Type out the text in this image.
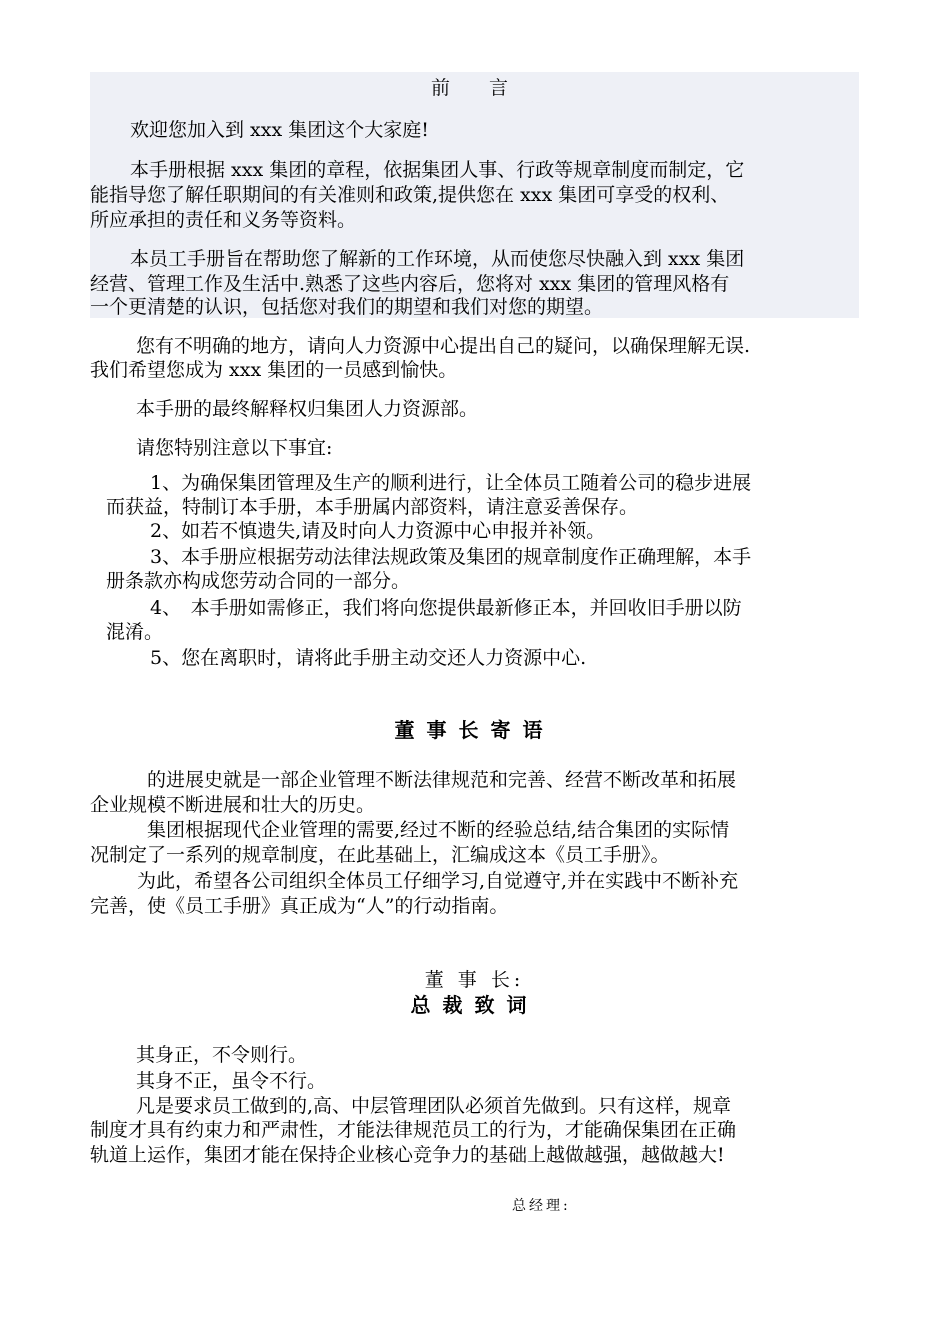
前　言
欢迎您加入到 xxx 集团这个大家庭!
本手册根据 xxx 集团的章程，依据集团人事、行政等规章制度而制定，它
能指导您了解任职期间的有关准则和政策,提供您在 xxx 集团可享受的权利、
所应承担的责任和义务等资料。
本员工手册旨在帮助您了解新的工作环境，从而使您尽快融入到 xxx 集团
经营、管理工作及生活中.熟悉了这些内容后，您将对 xxx 集团的管理风格有
一个更清楚的认识，包括您对我们的期望和我们对您的期望。
您有不明确的地方，请向人力资源中心提出自己的疑问，以确保理解无误.
我们希望您成为 xxx 集团的一员感到愉快。
本手册的最终解释权归集团人力资源部。
请您特别注意以下事宜:
1、为确保集团管理及生产的顺利进行，让全体员工随着公司的稳步进展
而获益，特制订本手册，本手册属内部资料，请注意妥善保存。
2、如若不慎遗失,请及时向人力资源中心申报并补领。
3、本手册应根据劳动法律法规政策及集团的规章制度作正确理解，本手
册条款亦构成您劳动合同的一部分。
4、　本手册如需修正，我们将向您提供最新修正本，并回收旧手册以防
混淆。
5、您在离职时，请将此手册主动交还人力资源中心.
董事长寄语
的进展史就是一部企业管理不断法律规范和完善、经营不断改革和拓展
企业规模不断进展和壮大的历史。
集团根据现代企业管理的需要,经过不断的经验总结,结合集团的实际情
况制定了一系列的规章制度，在此基础上，汇编成这本《员工手册》。
为此，希望各公司组织全体员工仔细学习,自觉遵守,并在实践中不断补充
完善，使《员工手册》真正成为“人”的行动指南。
董 事 长:
总裁致词
其身正，不令则行。
其身不正，虽令不行。
凡是要求员工做到的,高、中层管理团队必须首先做到。只有这样，规章
制度才具有约束力和严肃性，才能法律规范员工的行为，才能确保集团在正确
轨道上运作，集团才能在保持企业核心竞争力的基础上越做越强，越做越大!
总经理:
